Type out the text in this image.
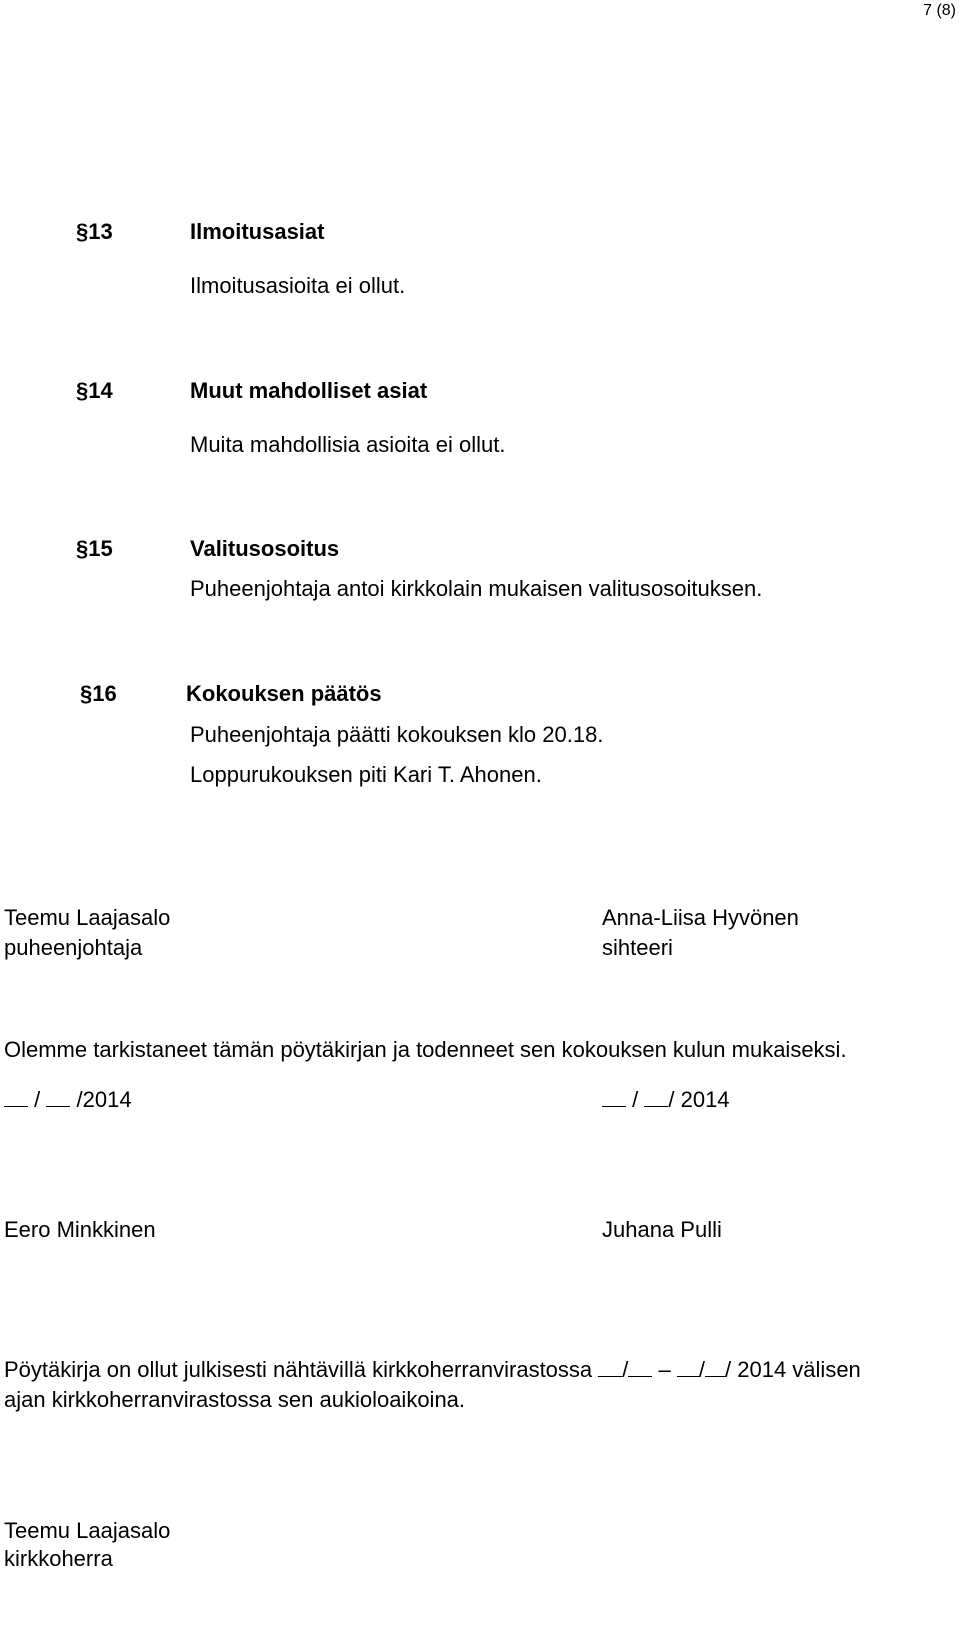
7 (8)
§13	Ilmoitusasiat
Ilmoitusasioita ei ollut.
§14	Muut mahdolliset asiat
Muita mahdollisia asioita ei ollut.
§15	Valitusosoitus
Puheenjohtaja antoi kirkkolain mukaisen valitusosoituksen.
§16	Kokouksen päätös
Puheenjohtaja päätti kokouksen klo 20.18.
Loppurukouksen piti Kari T. Ahonen.
Teemu Laajasalo
puheenjohtaja
Anna-Liisa Hyvönen
sihteeri
Olemme tarkistaneet tämän pöytäkirjan ja todenneet sen kokouksen kulun mukaiseksi.
/ /2014	/ / 2014
Eero Minkkinen	Juhana Pulli
Pöytäkirja on ollut julkisesti nähtävillä kirkkoherranvirastossa / – / / 2014 välisen
ajan kirkkoherranvirastossa sen aukioloaikoina.
Teemu Laajasalo
kirkkoherra
